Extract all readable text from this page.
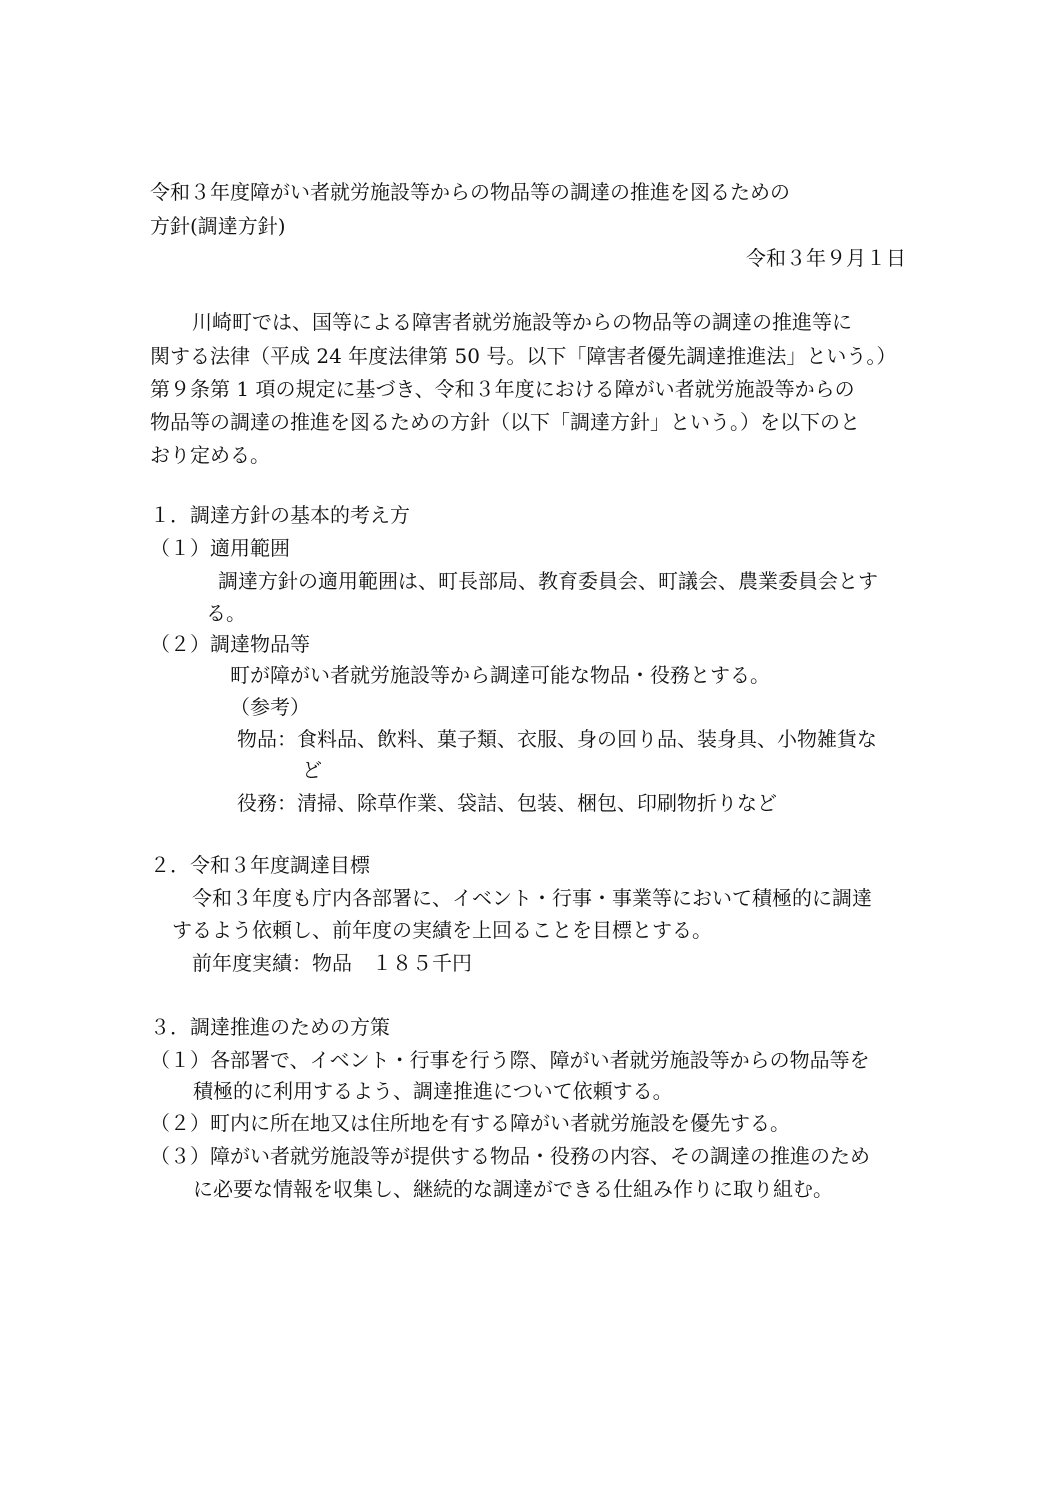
令和３年度障がい者就労施設等からの物品等の調達の推進を図るための
方針(調達方針)
令和３年９月１日
川崎町では、国等による障害者就労施設等からの物品等の調達の推進等に
関する法律（平成 24 年度法律第 50 号。以下「障害者優先調達推進法」という。）
第９条第 1 項の規定に基づき、令和３年度における障がい者就労施設等からの
物品等の調達の推進を図るための方針（以下「調達方針」という。）を以下のと
おり定める。
１．調達方針の基本的考え方
（１）適用範囲
調達方針の適用範囲は、町長部局、教育委員会、町議会、農業委員会とす
る。
（２）調達物品等
町が障がい者就労施設等から調達可能な物品・役務とする。
（参考）
物品：食料品、飲料、菓子類、衣服、身の回り品、装身具、小物雑貨な
ど
役務：清掃、除草作業、袋詰、包装、梱包、印刷物折りなど
２．令和３年度調達目標
令和３年度も庁内各部署に、イベント・行事・事業等において積極的に調達
するよう依頼し、前年度の実績を上回ることを目標とする。
前年度実績：物品　１８５千円
３．調達推進のための方策
（１）各部署で、イベント・行事を行う際、障がい者就労施設等からの物品等を
積極的に利用するよう、調達推進について依頼する。
（２）町内に所在地又は住所地を有する障がい者就労施設を優先する。
（３）障がい者就労施設等が提供する物品・役務の内容、その調達の推進のため
に必要な情報を収集し、継続的な調達ができる仕組み作りに取り組む。
